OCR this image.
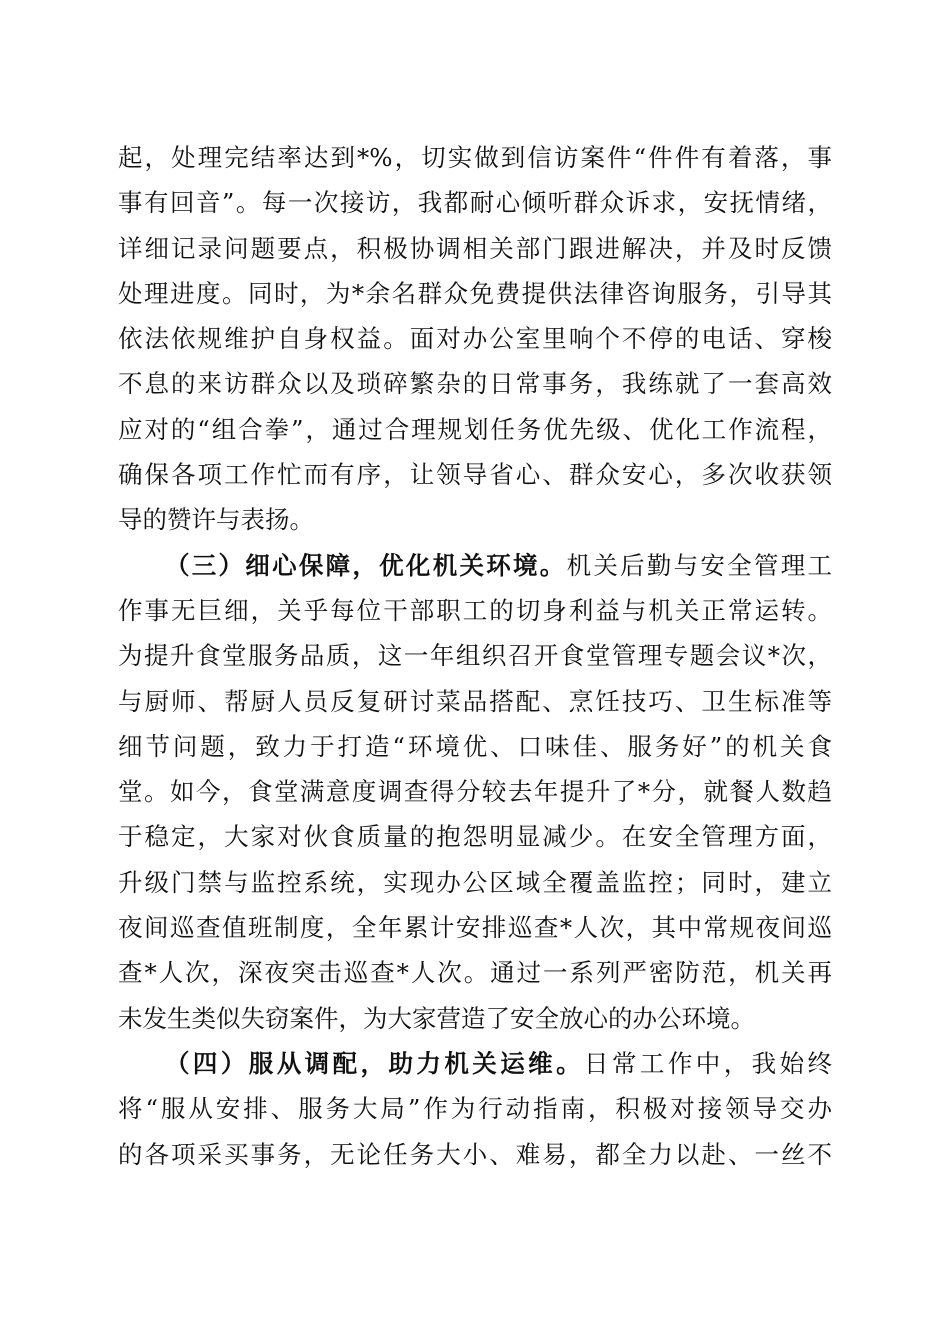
起，处理完结率达到*%，切实做到信访案件“件件有着落，事
事有回音”。每一次接访，我都耐心倾听群众诉求，安抚情绪，
详细记录问题要点，积极协调相关部门跟进解决，并及时反馈
处理进度。同时，为*余名群众免费提供法律咨询服务，引导其
依法依规维护自身权益。面对办公室里响个不停的电话、穿梭
不息的来访群众以及琐碎繁杂的日常事务，我练就了一套高效
应对的“组合拳”，通过合理规划任务优先级、优化工作流程，
确保各项工作忙而有序，让领导省心、群众安心，多次收获领
导的赞许与表扬。
（三）细心保障，优化机关环境。机关后勤与安全管理工
作事无巨细，关乎每位干部职工的切身利益与机关正常运转。
为提升食堂服务品质，这一年组织召开食堂管理专题会议*次，
与厨师、帮厨人员反复研讨菜品搭配、烹饪技巧、卫生标准等
细节问题，致力于打造“环境优、口味佳、服务好”的机关食
堂。如今，食堂满意度调查得分较去年提升了*分，就餐人数趋
于稳定，大家对伙食质量的抱怨明显减少。在安全管理方面，
升级门禁与监控系统，实现办公区域全覆盖监控；同时，建立
夜间巡查值班制度，全年累计安排巡查*人次，其中常规夜间巡
查*人次，深夜突击巡查*人次。通过一系列严密防范，机关再
未发生类似失窃案件，为大家营造了安全放心的办公环境。
（四）服从调配，助力机关运维。日常工作中，我始终
将“服从安排、服务大局”作为行动指南，积极对接领导交办
的各项采买事务，无论任务大小、难易，都全力以赴、一丝不
